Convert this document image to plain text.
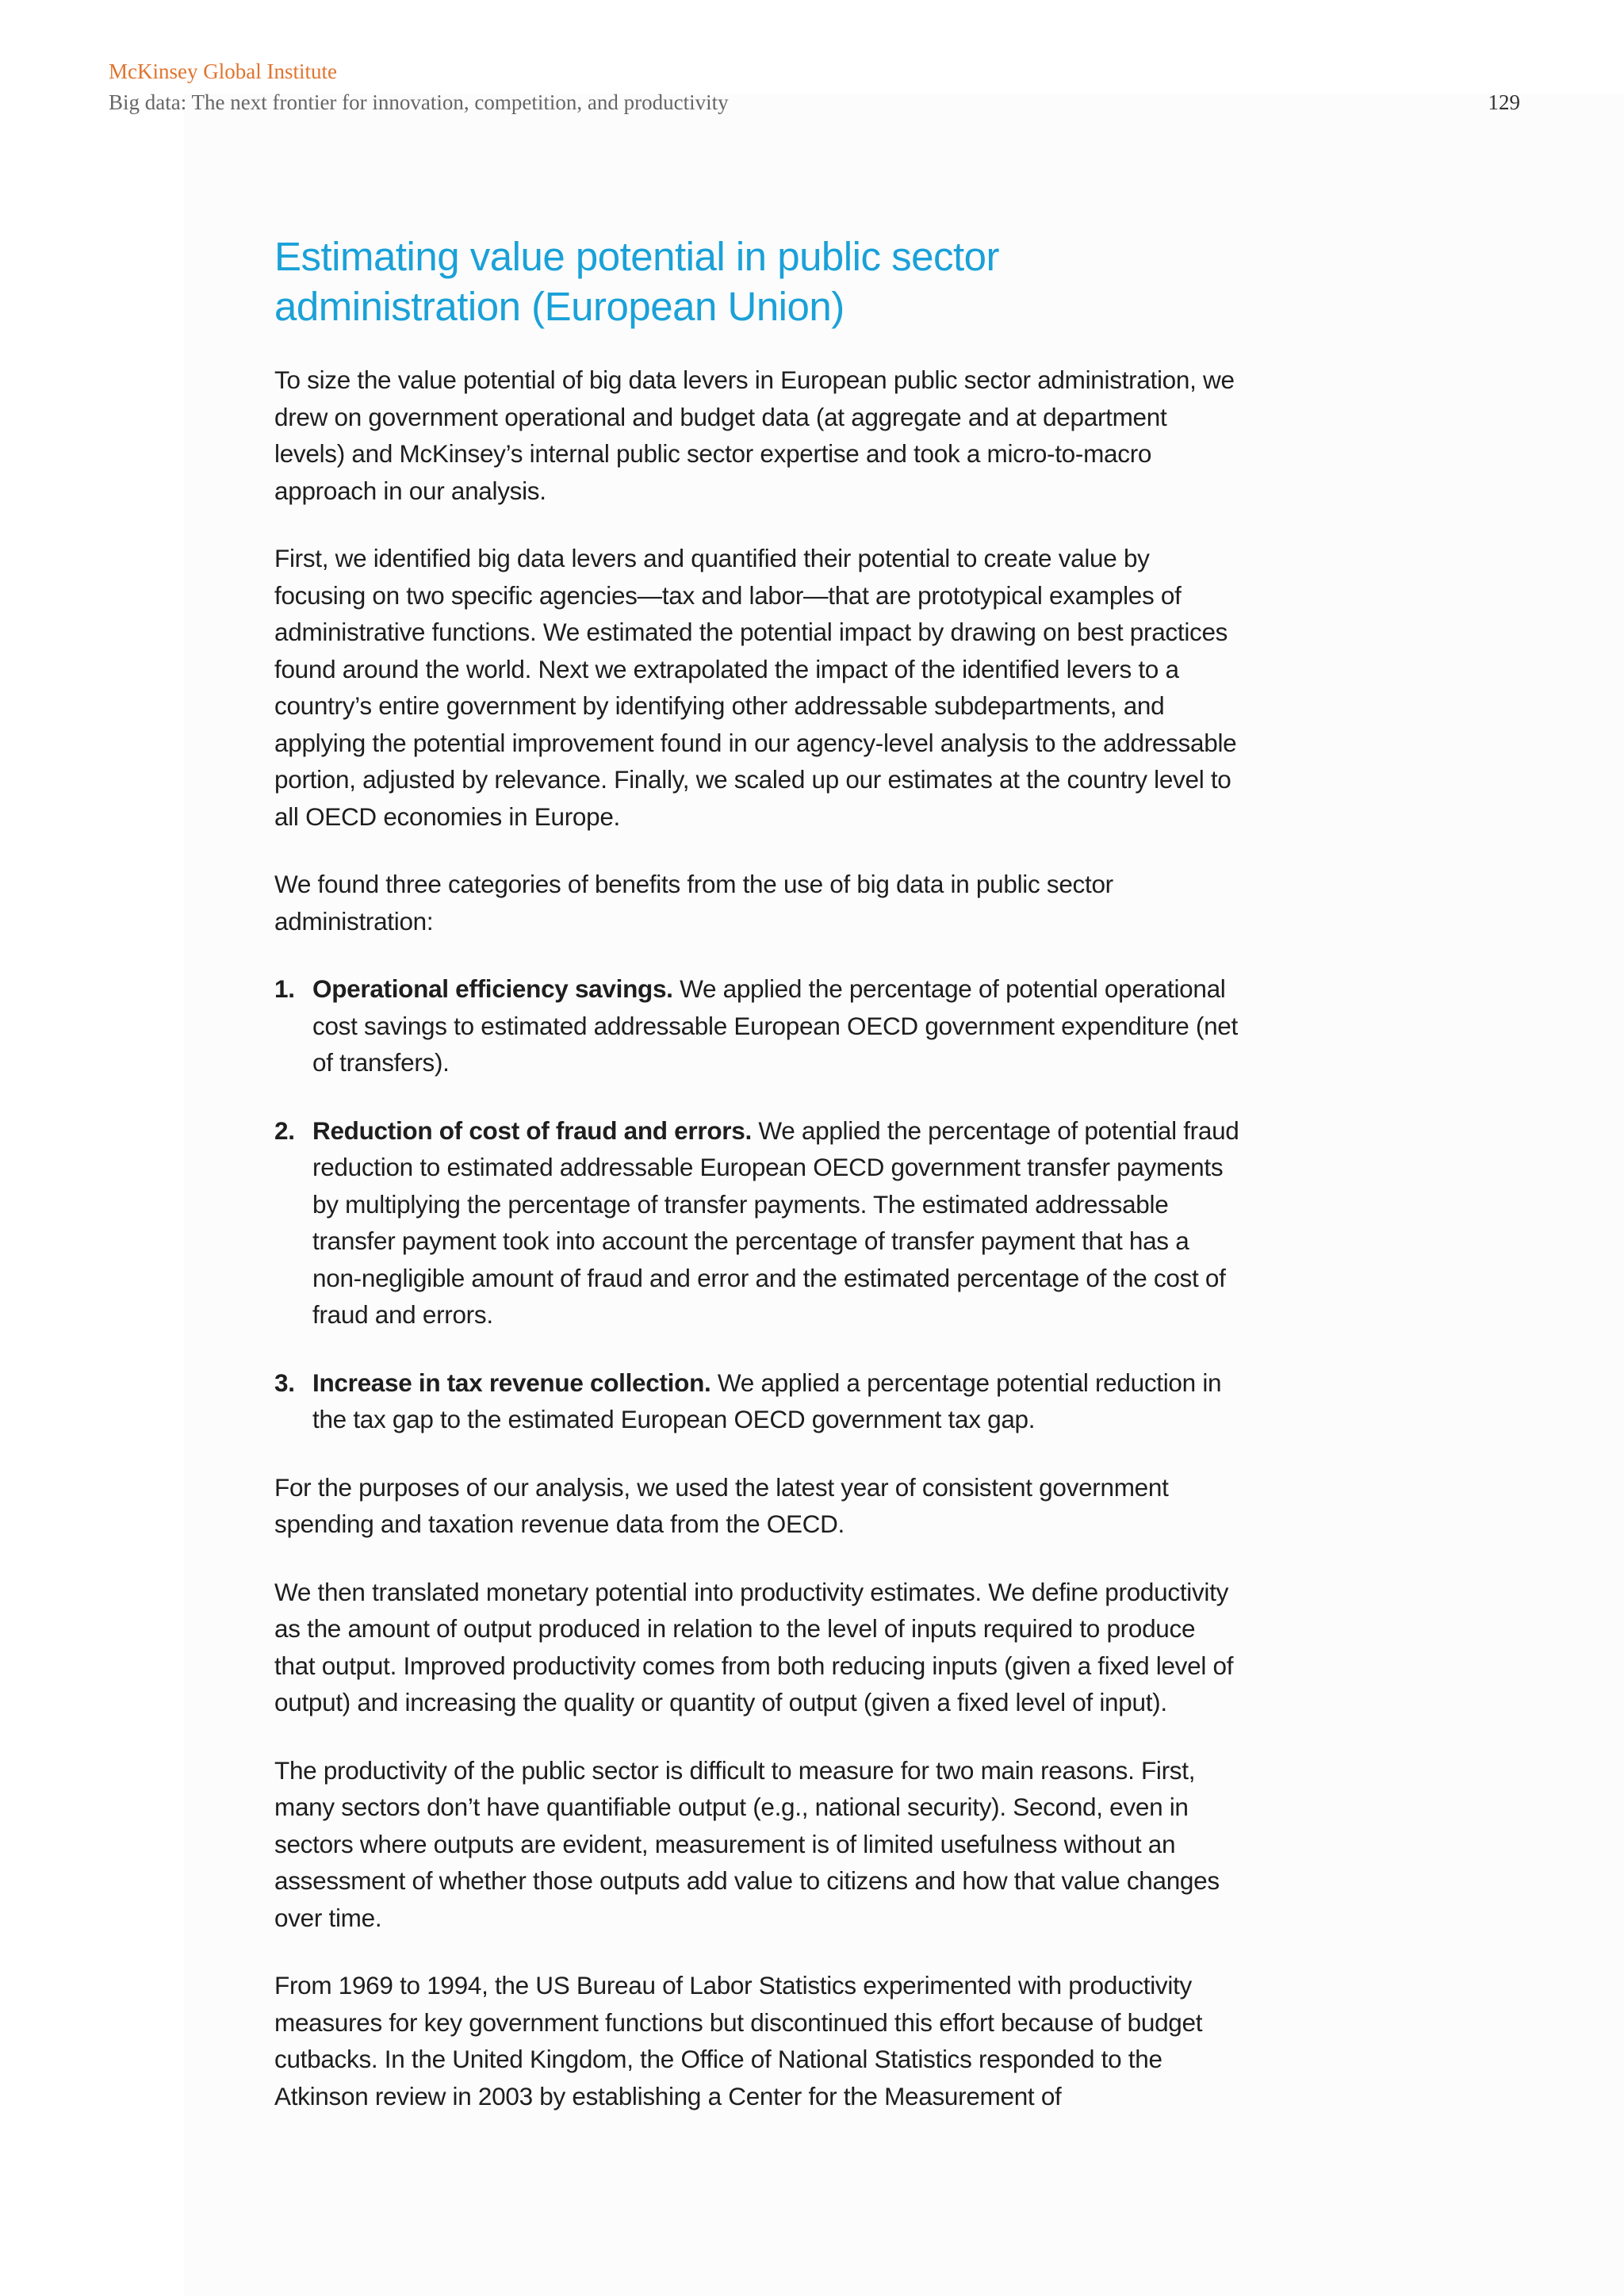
McKinsey Global Institute
Big data: The next frontier for innovation, competition, and productivity	129
Estimating value potential in public sector administration (European Union)

To size the value potential of big data levers in European public sector administration, we drew on government operational and budget data (at aggregate and at department levels) and McKinsey’s internal public sector expertise and took a micro-to-macro approach in our analysis.

First, we identified big data levers and quantified their potential to create value by focusing on two specific agencies—tax and labor—that are prototypical examples of administrative functions. We estimated the potential impact by drawing on best practices found around the world. Next we extrapolated the impact of the identified levers to a country’s entire government by identifying other addressable subdepartments, and applying the potential improvement found in our agency-level analysis to the addressable portion, adjusted by relevance. Finally, we scaled up our estimates at the country level to all OECD economies in Europe.

We found three categories of benefits from the use of big data in public sector administration:

1. Operational efficiency savings. We applied the percentage of potential operational cost savings to estimated addressable European OECD government expenditure (net of transfers).
2. Reduction of cost of fraud and errors. We applied the percentage of potential fraud reduction to estimated addressable European OECD government transfer payments by multiplying the percentage of transfer payments. The estimated addressable transfer payment took into account the percentage of transfer payment that has a non-negligible amount of fraud and error and the estimated percentage of the cost of fraud and errors.
3. Increase in tax revenue collection. We applied a percentage potential reduction in the tax gap to the estimated European OECD government tax gap.

For the purposes of our analysis, we used the latest year of consistent government spending and taxation revenue data from the OECD.

We then translated monetary potential into productivity estimates. We define productivity as the amount of output produced in relation to the level of inputs required to produce that output. Improved productivity comes from both reducing inputs (given a fixed level of output) and increasing the quality or quantity of output (given a fixed level of input).

The productivity of the public sector is difficult to measure for two main reasons. First, many sectors don’t have quantifiable output (e.g., national security). Second, even in sectors where outputs are evident, measurement is of limited usefulness without an assessment of whether those outputs add value to citizens and how that value changes over time.

From 1969 to 1994, the US Bureau of Labor Statistics experimented with productivity measures for key government functions but discontinued this effort because of budget cutbacks. In the United Kingdom, the Office of National Statistics responded to the Atkinson review in 2003 by establishing a Center for the Measurement of
